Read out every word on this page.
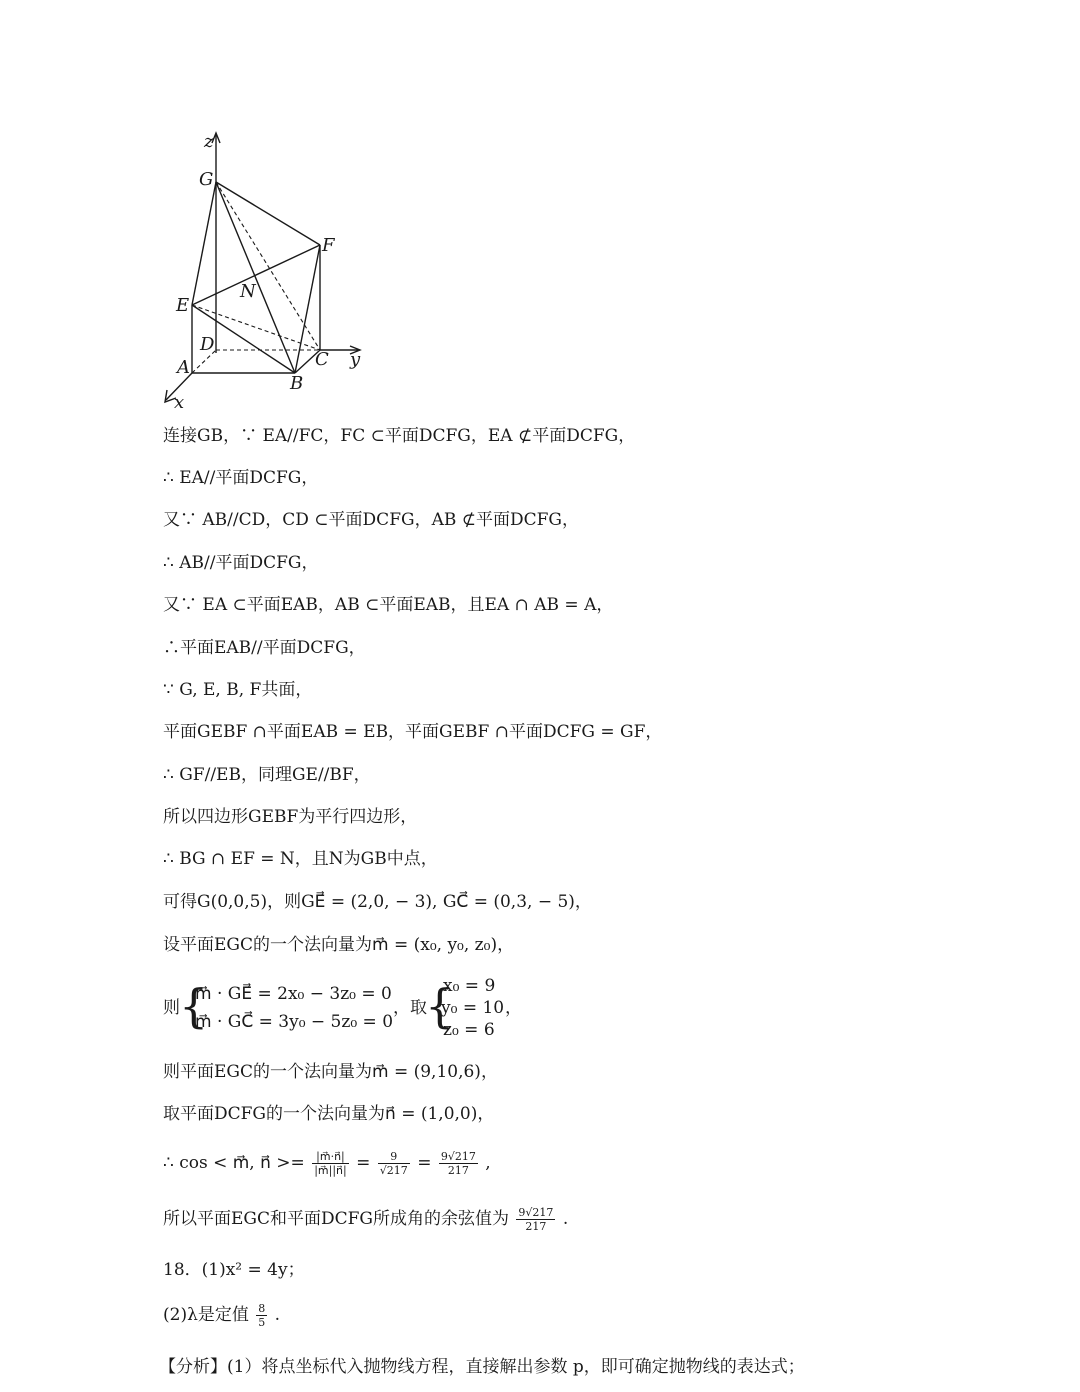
z
y
x
G
F
E
N
D
A	C
B
连接GB，∵ EA//FC，FC ⊂平面DCFG，EA ⊄平面DCFG，
∴ EA//平面DCFG，
又∵ AB//CD，CD ⊂平面DCFG，AB ⊄平面DCFG，
∴ AB//平面DCFG，
又∵ EA ⊂平面EAB，AB ⊂平面EAB，且EA ∩ AB = A，
∴平面EAB//平面DCFG，
∵ G, E, B, F共面，
平面GEBF ∩平面EAB = EB，平面GEBF ∩平面DCFG = GF，
∴ GF//EB，同理GE//BF，
所以四边形GEBF为平行四边形，
∴ BG ∩ EF = N，且N为GB中点，
可得G(0,0,5)，则GE⃗ = (2,0, − 3), GC⃗ = (0,3, − 5)，
设平面EGC的一个法向量为m⃗ = (x₀, y₀, z₀)，
则 {
m⃗ · GE⃗ = 2x₀ − 3z₀ = 0
m⃗ · GC⃗ = 3y₀ − 5z₀ = 0
，取
{
x₀ = 9
y₀ = 10
z₀ = 6
，
则平面EGC的一个法向量为m⃗ = (9,10,6)，
取平面DCFG的一个法向量为n⃗ = (1,0,0)，
∴ cos < m⃗, n⃗ >= $\frac{|m⃗\cdot n⃗|}{|m⃗||n⃗|} = \frac{9}{√217} = \frac{9√217}{217}$ ,
所以平面EGC和平面DCFG所成角的余弦值为 $\frac{9√217}{217}$ .
18．(1)x² = 4y；
(2)λ是定值 $\frac{8}{5}$ .
【分析】(1）将点坐标代入抛物线方程，直接解出参数 p，即可确定抛物线的表达式；
